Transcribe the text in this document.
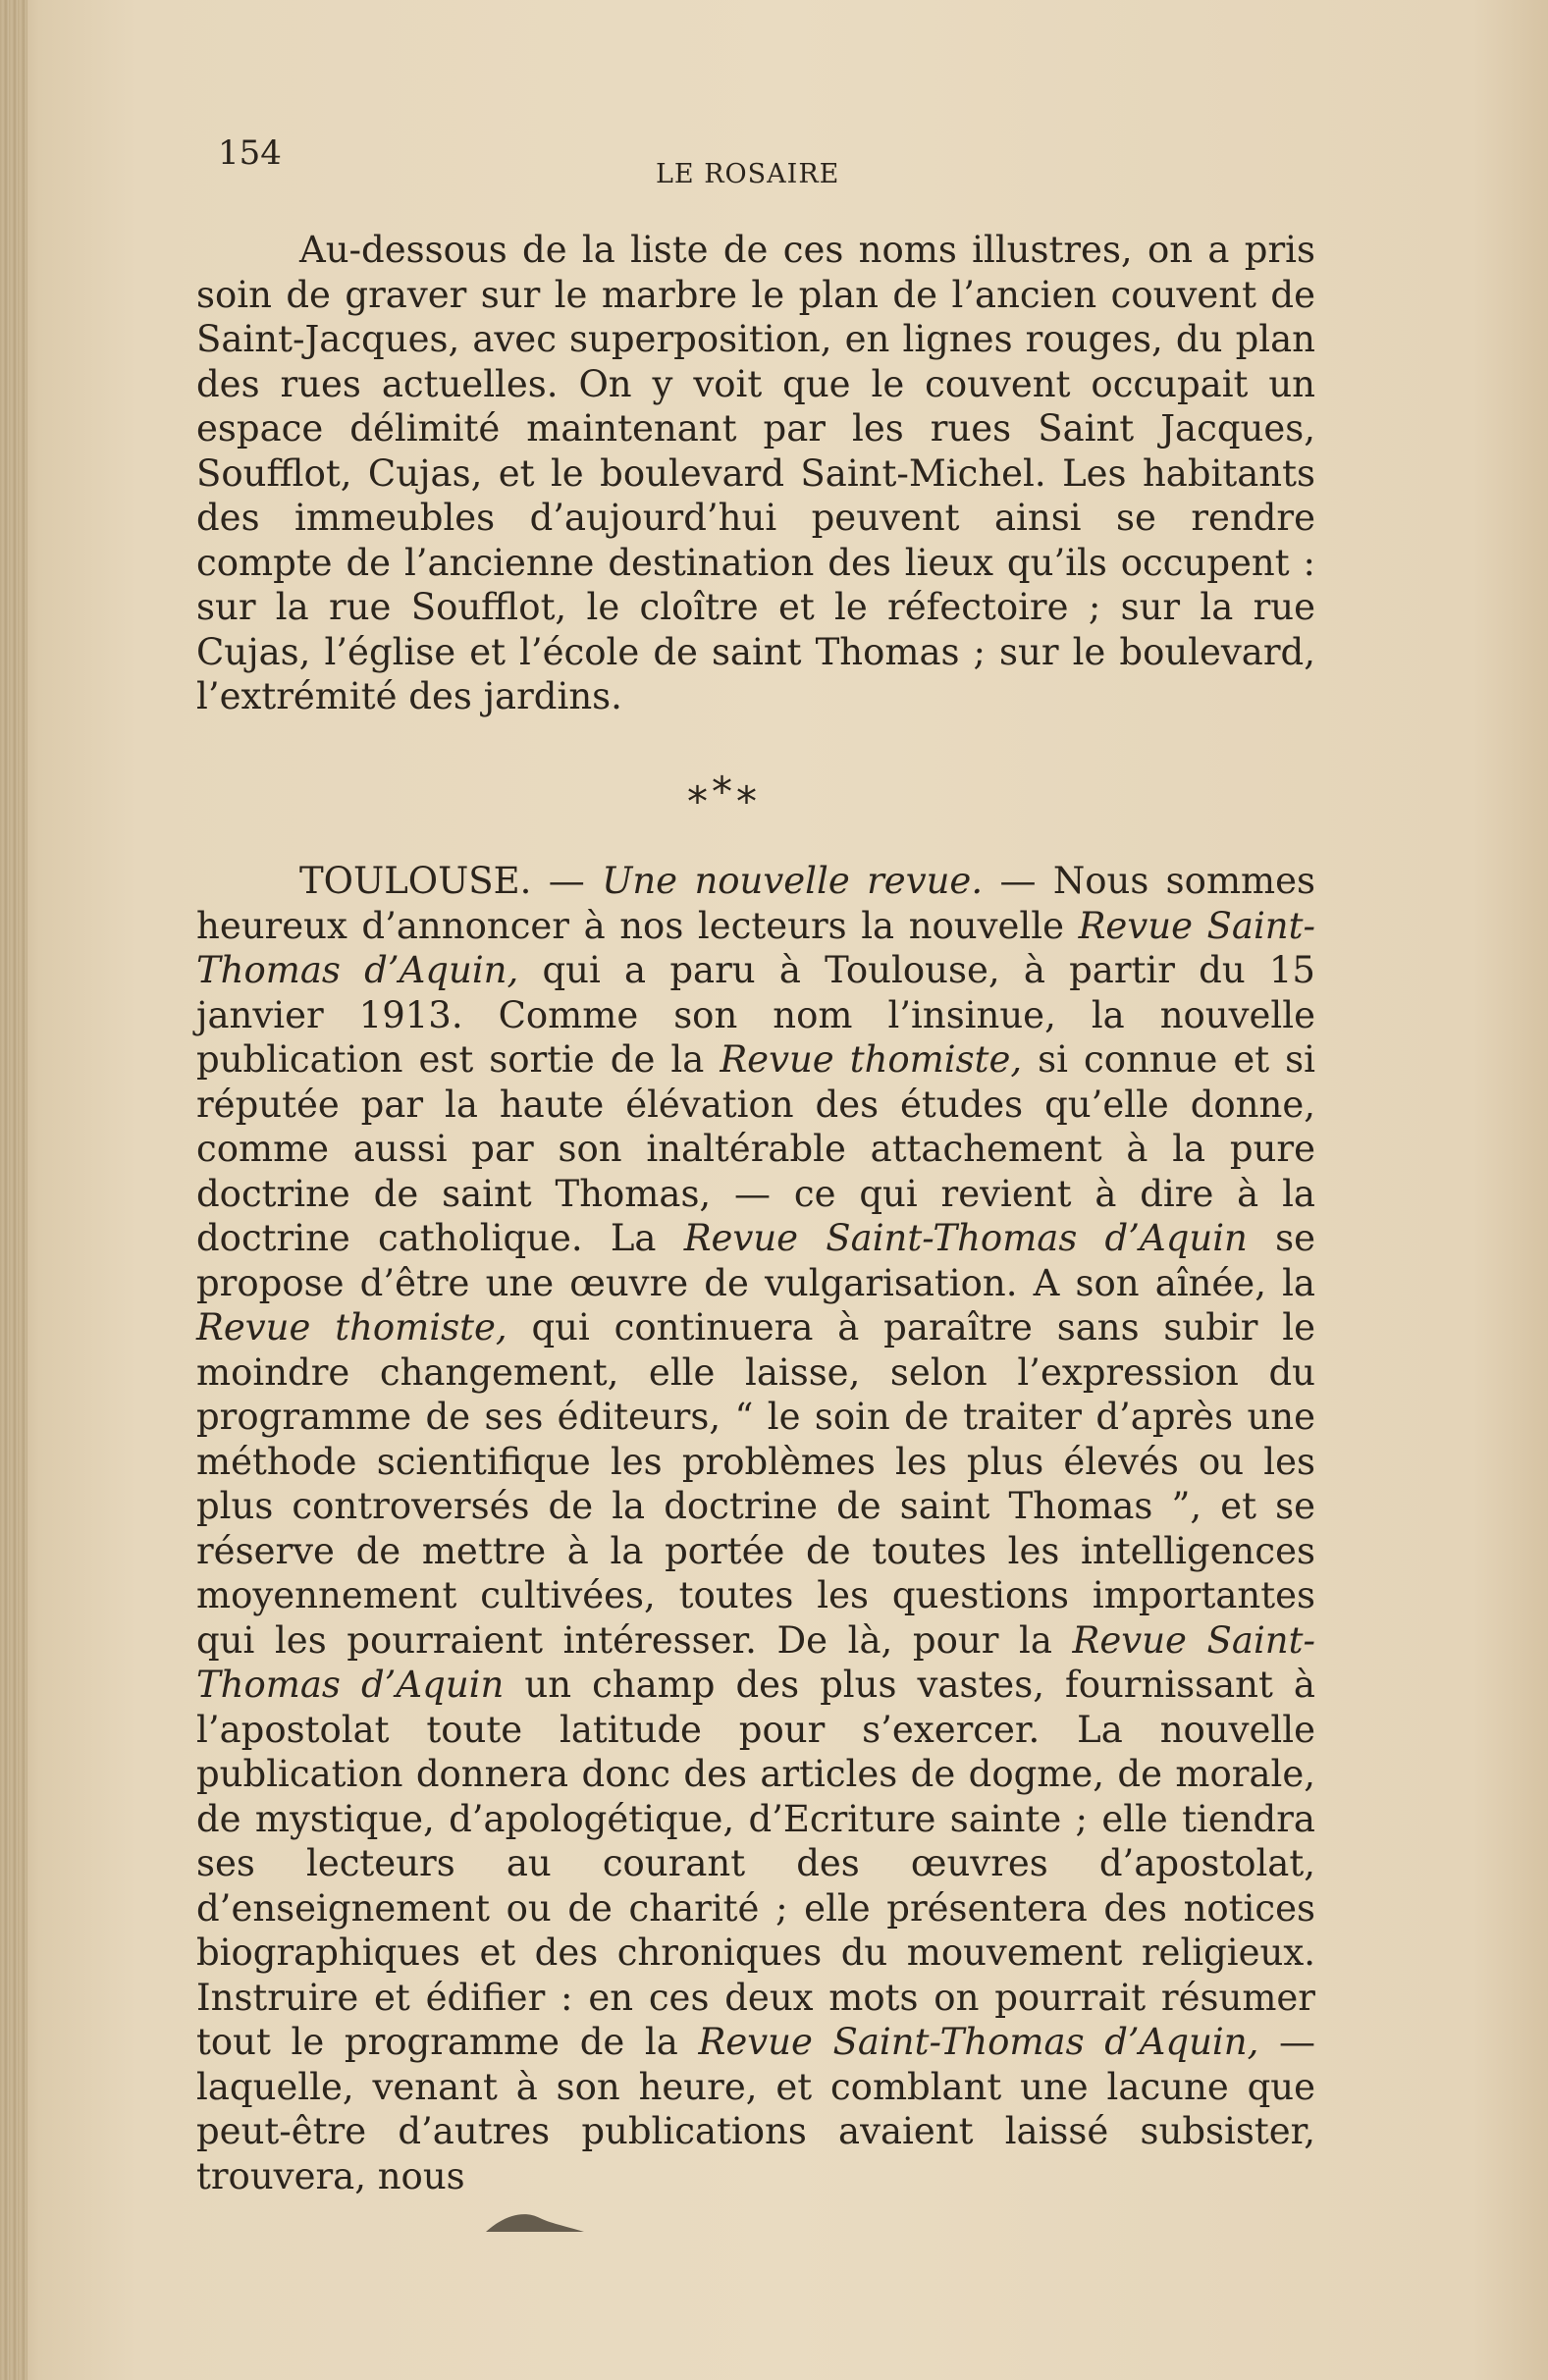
154
LE ROSAIRE

Au-dessous de la liste de ces noms illustres, on a pris soin de graver sur le marbre le plan de l’ancien couvent de Saint-Jacques, avec superposition, en lignes rouges, du plan des rues actuelles. On y voit que le couvent occupait un espace délimité maintenant par les rues Saint Jacques, Soufflot, Cujas, et le boulevard Saint-Michel. Les habitants des immeubles d’aujourd’hui peuvent ainsi se rendre compte de l’ancienne destination des lieux qu’ils occupent : sur la rue Soufflot, le cloître et le réfectoire ; sur la rue Cujas, l’église et l’école de saint Thomas ; sur le boulevard, l’extrémité des jardins.

***

TOULOUSE. — Une nouvelle revue. — Nous sommes heureux d’annoncer à nos lecteurs la nouvelle Revue Saint-Thomas d’Aquin, qui a paru à Toulouse, à partir du 15 janvier 1913. Comme son nom l’insinue, la nouvelle publication est sortie de la Revue thomiste, si connue et si réputée par la haute élévation des études qu’elle donne, comme aussi par son inaltérable attachement à la pure doctrine de saint Thomas, — ce qui revient à dire à la doctrine catholique. La Revue Saint-Thomas d’Aquin se propose d’être une œuvre de vulgarisation. A son aînée, la Revue thomiste, qui continuera à paraître sans subir le moindre changement, elle laisse, selon l’expression du programme de ses éditeurs, “ le soin de traiter d’après une méthode scientifique les problèmes les plus élevés ou les plus controversés de la doctrine de saint Thomas ”, et se réserve de mettre à la portée de toutes les intelligences moyennement cultivées, toutes les questions importantes qui les pourraient intéresser. De là, pour la Revue Saint-Thomas d’Aquin un champ des plus vastes, fournissant à l’apostolat toute latitude pour s’exercer. La nouvelle publication donnera donc des articles de dogme, de morale, de mystique, d’apologétique, d’Ecriture sainte ; elle tiendra ses lecteurs au courant des œuvres d’apostolat, d’enseignement ou de charité ; elle présentera des notices biographiques et des chroniques du mouvement religieux. Instruire et édifier : en ces deux mots on pourrait résumer tout le programme de la Revue Saint-Thomas d’Aquin, — laquelle, venant à son heure, et comblant une lacune que peut-être d’autres publications avaient laissé subsister, trouvera, nous
